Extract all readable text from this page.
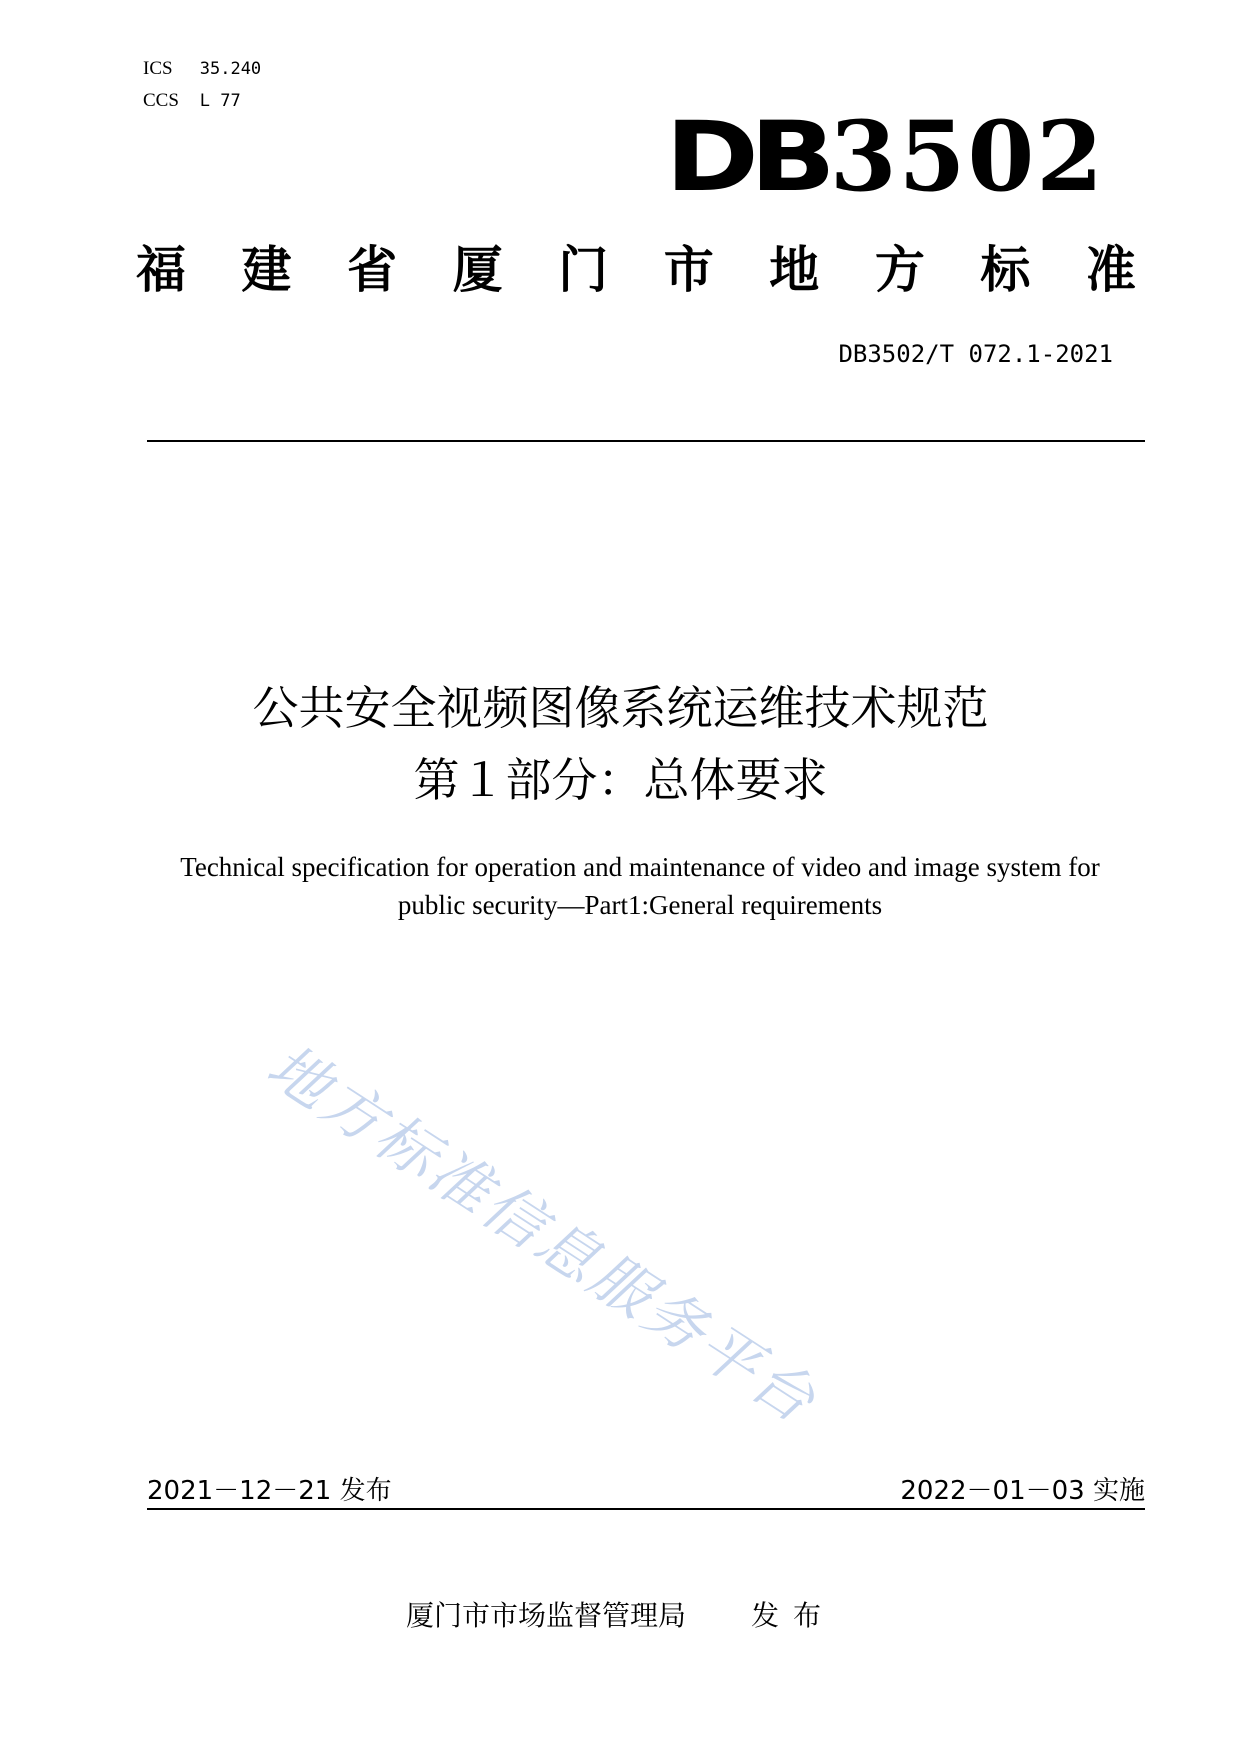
ICS 35.240
CCS L 77	DB 3502
福 建 省 厦 门 市 地 方 标 准
DB3502/T 072.1-2021
公共安全视频图像系统运维技术规范
第１部分：总体要求
Technical specification for operation and maintenance of video and image system for
public security—Part1:General requirements
地方标准信息服务平台
2021－12－21 发布	2022－01－03 实施
厦门市市场监督管理局 发布
